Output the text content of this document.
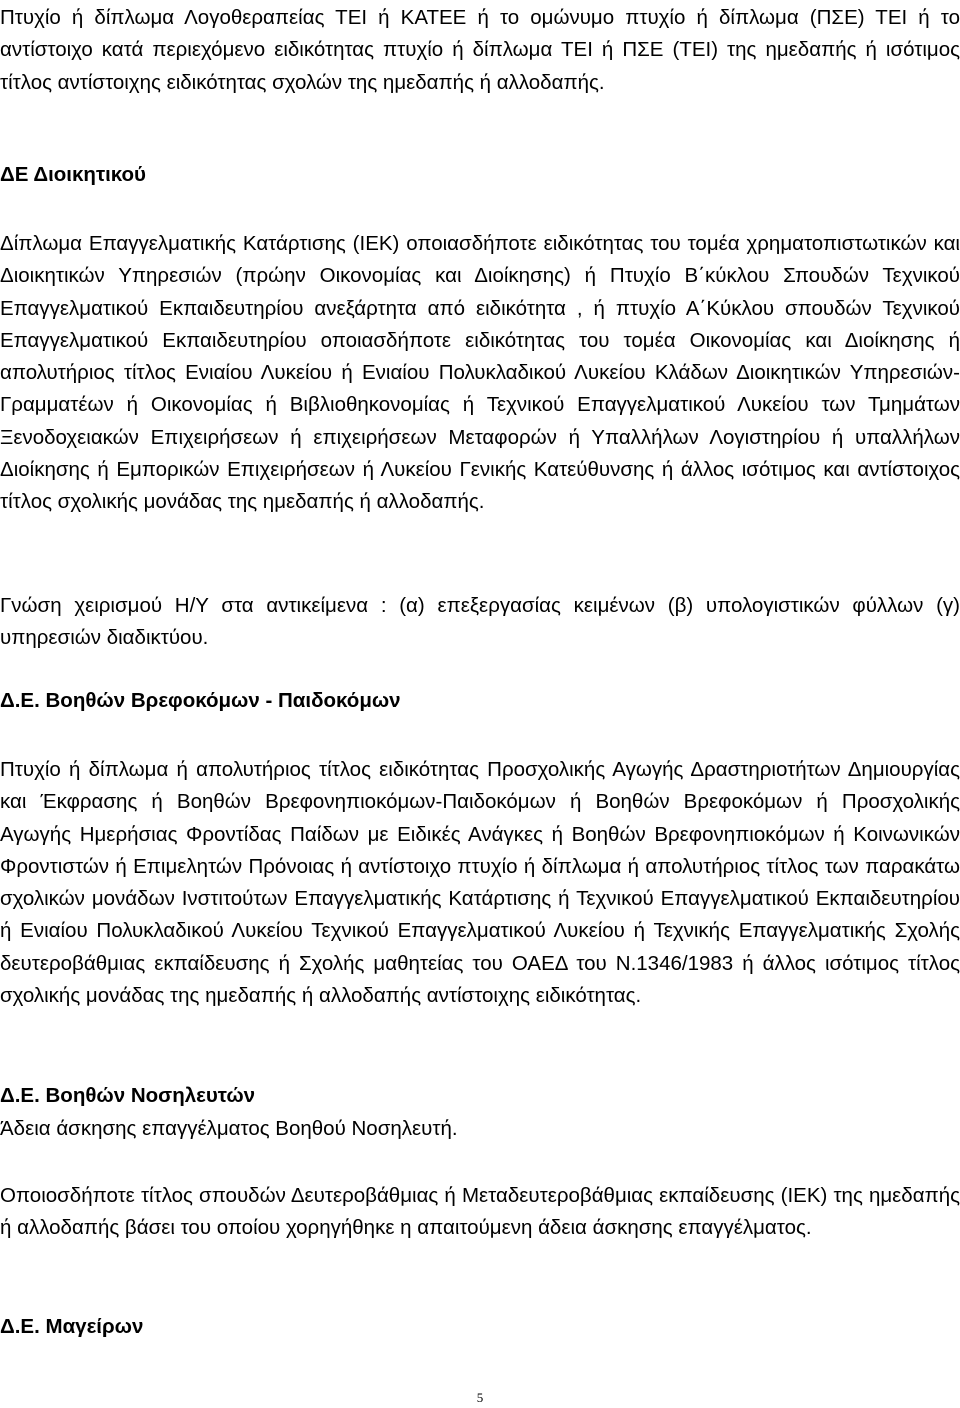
Πτυχίο ή δίπλωμα Λογοθεραπείας ΤΕΙ ή ΚΑΤΕΕ ή το ομώνυμο πτυχίο ή δίπλωμα (ΠΣΕ) ΤΕΙ ή το αντίστοιχο κατά περιεχόμενο ειδικότητας πτυχίο ή δίπλωμα ΤΕΙ ή ΠΣΕ (ΤΕΙ) της ημεδαπής ή ισότιμος τίτλος αντίστοιχης ειδικότητας σχολών της ημεδαπής ή αλλοδαπής.

ΔΕ Διοικητικού

Δίπλωμα Επαγγελματικής Κατάρτισης (ΙΕΚ) οποιασδήποτε ειδικότητας του τομέα χρηματοπιστωτικών και Διοικητικών Υπηρεσιών (πρώην Οικονομίας και Διοίκησης) ή Πτυχίο Β΄κύκλου Σπουδών Τεχνικού Επαγγελματικού Εκπαιδευτηρίου ανεξάρτητα από ειδικότητα , ή πτυχίο Α΄Κύκλου σπουδών Τεχνικού Επαγγελματικού Εκπαιδευτηρίου οποιασδήποτε ειδικότητας του τομέα Οικονομίας και Διοίκησης ή απολυτήριος τίτλος Ενιαίου Λυκείου ή Ενιαίου Πολυκλαδικού Λυκείου Κλάδων Διοικητικών Υπηρεσιών-Γραμματέων ή Οικονομίας ή Βιβλιοθηκονομίας ή Τεχνικού Επαγγελματικού Λυκείου των Τμημάτων Ξενοδοχειακών Επιχειρήσεων ή επιχειρήσεων Μεταφορών ή Υπαλλήλων Λογιστηρίου ή υπαλλήλων Διοίκησης ή Εμπορικών Επιχειρήσεων ή Λυκείου Γενικής Κατεύθυνσης ή άλλος ισότιμος και αντίστοιχος τίτλος σχολικής μονάδας της ημεδαπής ή αλλοδαπής.

Γνώση χειρισμού Η/Υ στα αντικείμενα : (α) επεξεργασίας κειμένων (β) υπολογιστικών φύλλων (γ) υπηρεσιών διαδικτύου.

Δ.Ε. Βοηθών Βρεφοκόμων - Παιδοκόμων

Πτυχίο ή δίπλωμα ή απολυτήριος τίτλος ειδικότητας Προσχολικής Αγωγής Δραστηριοτήτων Δημιουργίας και Έκφρασης ή Βοηθών Βρεφονηπιοκόμων-Παιδοκόμων ή Βοηθών Βρεφοκόμων ή Προσχολικής Αγωγής Ημερήσιας Φροντίδας Παίδων με Ειδικές Ανάγκες ή Βοηθών Βρεφονηπιοκόμων ή Κοινωνικών Φροντιστών ή Επιμελητών Πρόνοιας ή αντίστοιχο πτυχίο ή δίπλωμα ή απολυτήριος τίτλος των παρακάτω σχολικών μονάδων Ινστιτούτων Επαγγελματικής Κατάρτισης ή Τεχνικού Επαγγελματικού Εκπαιδευτηρίου ή Ενιαίου Πολυκλαδικού Λυκείου Τεχνικού Επαγγελματικού Λυκείου ή Τεχνικής Επαγγελματικής Σχολής δευτεροβάθμιας εκπαίδευσης ή Σχολής μαθητείας του ΟΑΕΔ του Ν.1346/1983 ή άλλος ισότιμος τίτλος σχολικής μονάδας της ημεδαπής ή αλλοδαπής αντίστοιχης ειδικότητας.

Δ.Ε. Βοηθών Νοσηλευτών
Άδεια άσκησης επαγγέλματος Βοηθού Νοσηλευτή.

Οποιοσδήποτε τίτλος σπουδών Δευτεροβάθμιας ή Μεταδευτεροβάθμιας εκπαίδευσης (ΙΕΚ) της ημεδαπής ή αλλοδαπής βάσει του οποίου χορηγήθηκε η απαιτούμενη άδεια άσκησης επαγγέλματος.

Δ.Ε. Μαγείρων
5
